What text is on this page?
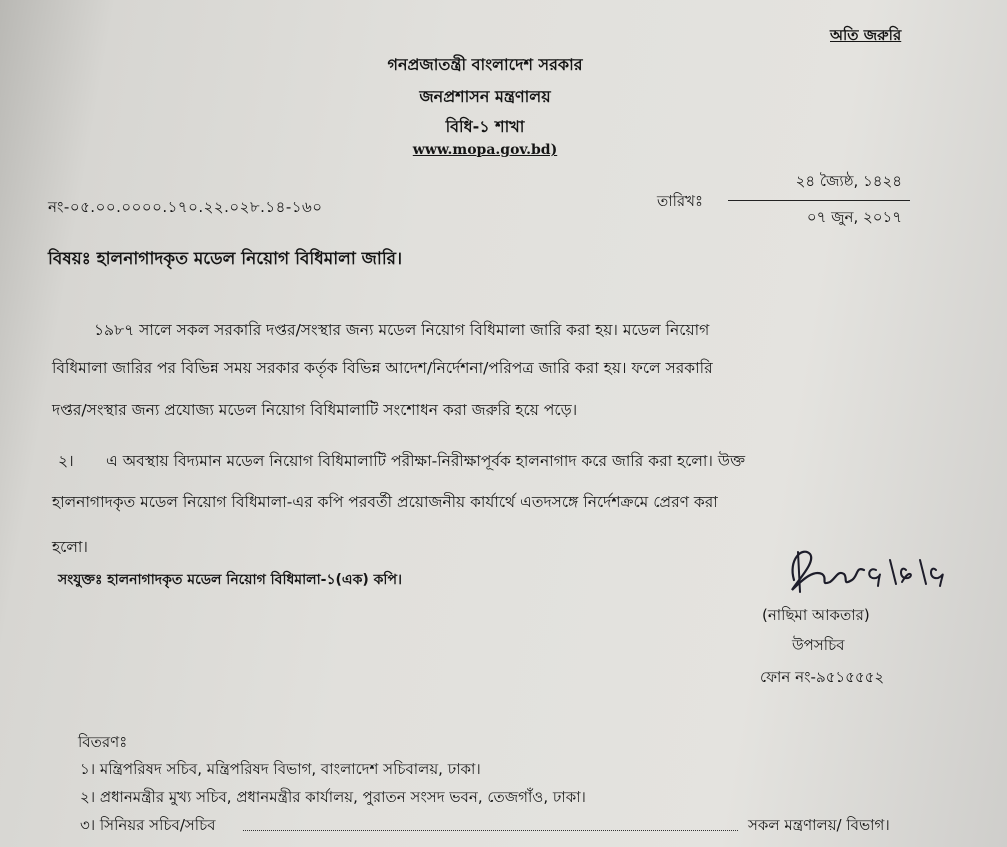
অতি জরুরি
গনপ্রজাতন্ত্রী বাংলাদেশ সরকার
জনপ্রশাসন মন্ত্রণালয়
বিধি-১ শাখা
www.mopa.gov.bd)
নং-০৫.০০.০০০০.১৭০.২২.০২৮.১৪-১৬০	তারিখঃ
২৪ জ্যৈষ্ঠ, ১৪২৪
০৭ জুন, ২০১৭
বিষয়ঃ হালনাগাদকৃত মডেল নিয়োগ বিধিমালা জারি।
১৯৮৭ সালে সকল সরকারি দপ্তর/সংস্থার জন্য মডেল নিয়োগ বিধিমালা জারি করা হয়। মডেল নিয়োগ
বিধিমালা জারির পর বিভিন্ন সময় সরকার কর্তৃক বিভিন্ন আদেশ/নির্দেশনা/পরিপত্র জারি করা হয়। ফলে সরকারি
দপ্তর/সংস্থার জন্য প্রযোজ্য মডেল নিয়োগ বিধিমালাটি সংশোধন করা জরুরি হয়ে পড়ে।
২। এ অবস্থায় বিদ্যমান মডেল নিয়োগ বিধিমালাটি পরীক্ষা-নিরীক্ষাপূর্বক হালনাগাদ করে জারি করা হলো। উক্ত
হালনাগাদকৃত মডেল নিয়োগ বিধিমালা-এর কপি পরবর্তী প্রয়োজনীয় কার্যার্থে এতদসঙ্গে নির্দেশক্রমে প্রেরণ করা
হলো।
সংযুক্তঃ হালনাগাদকৃত মডেল নিয়োগ বিধিমালা-১(এক) কপি।
(নাছিমা আকতার)
উপসচিব
ফোন নং-৯৫১৫৫৫২
বিতরণঃ
১। মন্ত্রিপরিষদ সচিব, মন্ত্রিপরিষদ বিভাগ, বাংলাদেশ সচিবালয়, ঢাকা।
২। প্রধানমন্ত্রীর মুখ্য সচিব, প্রধানমন্ত্রীর কার্যালয়, পুরাতন সংসদ ভবন, তেজগাঁও, ঢাকা।
৩। সিনিয়র সচিব/সচিব	সকল মন্ত্রণালয়/ বিভাগ।
